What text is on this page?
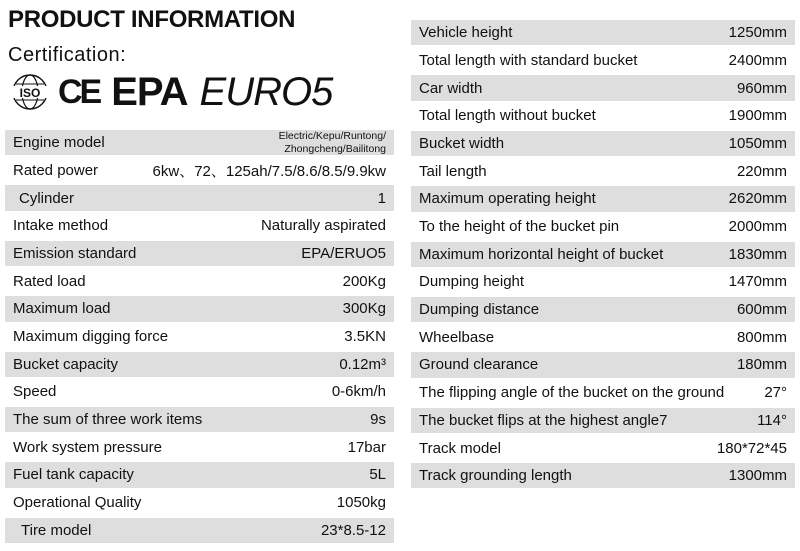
PRODUCT INFORMATION
Certification:
ISO CE EPA EURO5
Engine model	Electric/Kepu/Runtong/
Zhongcheng/Bailitong
Rated power	6kw、72、125ah/7.5/8.6/8.5/9.9kw
Cylinder	1
Intake method	Naturally aspirated
Emission standard	EPA/ERUO5
Rated load	200Kg
Maximum load	300Kg
Maximum digging force	3.5KN
Bucket capacity	0.12m³
Speed	0-6km/h
The sum of three work items	9s
Work system pressure	17bar
Fuel tank capacity	5L
Operational Quality	1050kg
Tire model	23*8.5-12
Vehicle height	1250mm
Total length with standard bucket	2400mm
Car width	960mm
Total length without bucket	1900mm
Bucket width	1050mm
Tail length	220mm
Maximum operating height	2620mm
To the height of the bucket pin	2000mm
Maximum horizontal height of bucket	1830mm
Dumping height	1470mm
Dumping distance	600mm
Wheelbase	800mm
Ground clearance	180mm
The flipping angle of the bucket on the ground	27°
The bucket flips at the highest angle7	114°
Track model	180*72*45
Track grounding length	1300mm
